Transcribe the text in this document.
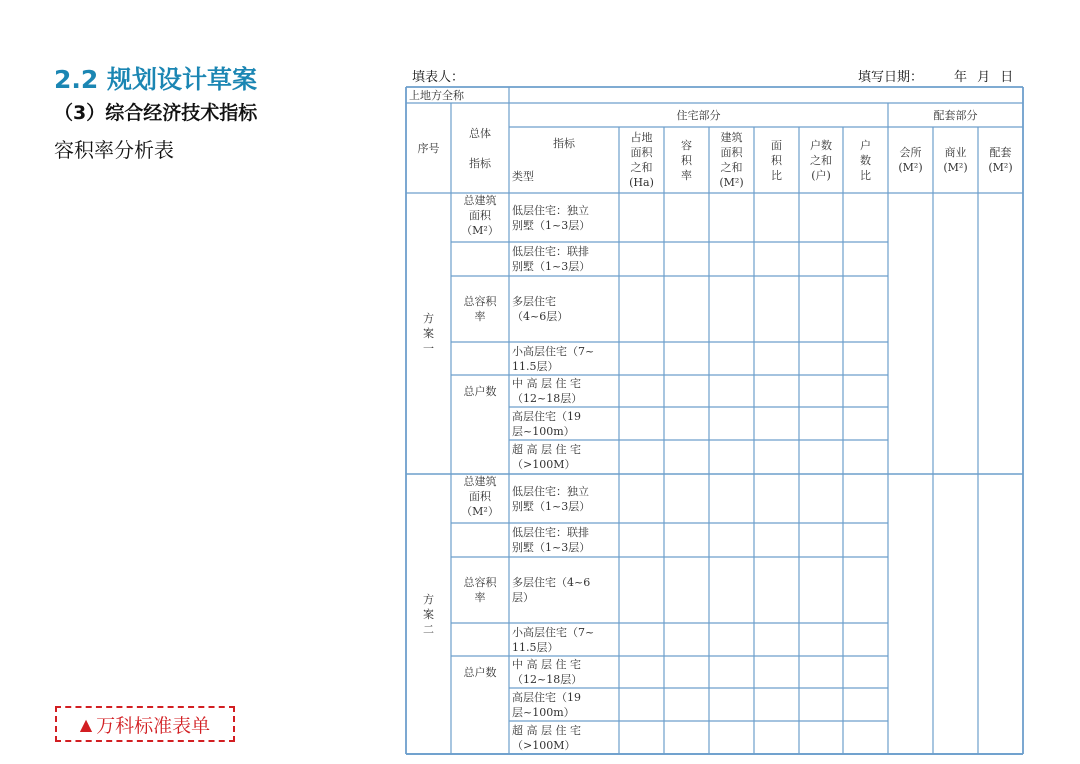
2.2 规划设计草案
（3）综合经济技术指标
容积率分析表
▲ 万科标准表单
填表人：	填写日期： 年 月 日
上地方全称
序号
总体

指标
住宅部分	配套部分
指标
类型
占地
面积
之和
(Ha)
容
积
率
建筑
面积
之和
(M²)
面
积
比
户数
之和
(户)
户
数
比
会所
(M²)
商业
(M²)
配套
(M²)
方
案
一
总建筑
面积
（M²）
总容积
率
总户数
低层住宅：独立
别墅（1~3层）
低层住宅：联排
别墅（1~3层）
多层住宅
（4~6层）
小高层住宅（7~
11.5层）
中 高 层 住 宅
（12~18层）
高层住宅（19
层~100m）
超 高 层 住 宅
（>100M）
方
案
二
总建筑
面积
（M²）
总容积
率
总户数
低层住宅：独立
别墅（1~3层）
低层住宅：联排
别墅（1~3层）
多层住宅（4~6
层）
小高层住宅（7~
11.5层）
中 高 层 住 宅
（12~18层）
高层住宅（19
层~100m）
超 高 层 住 宅
（>100M）
